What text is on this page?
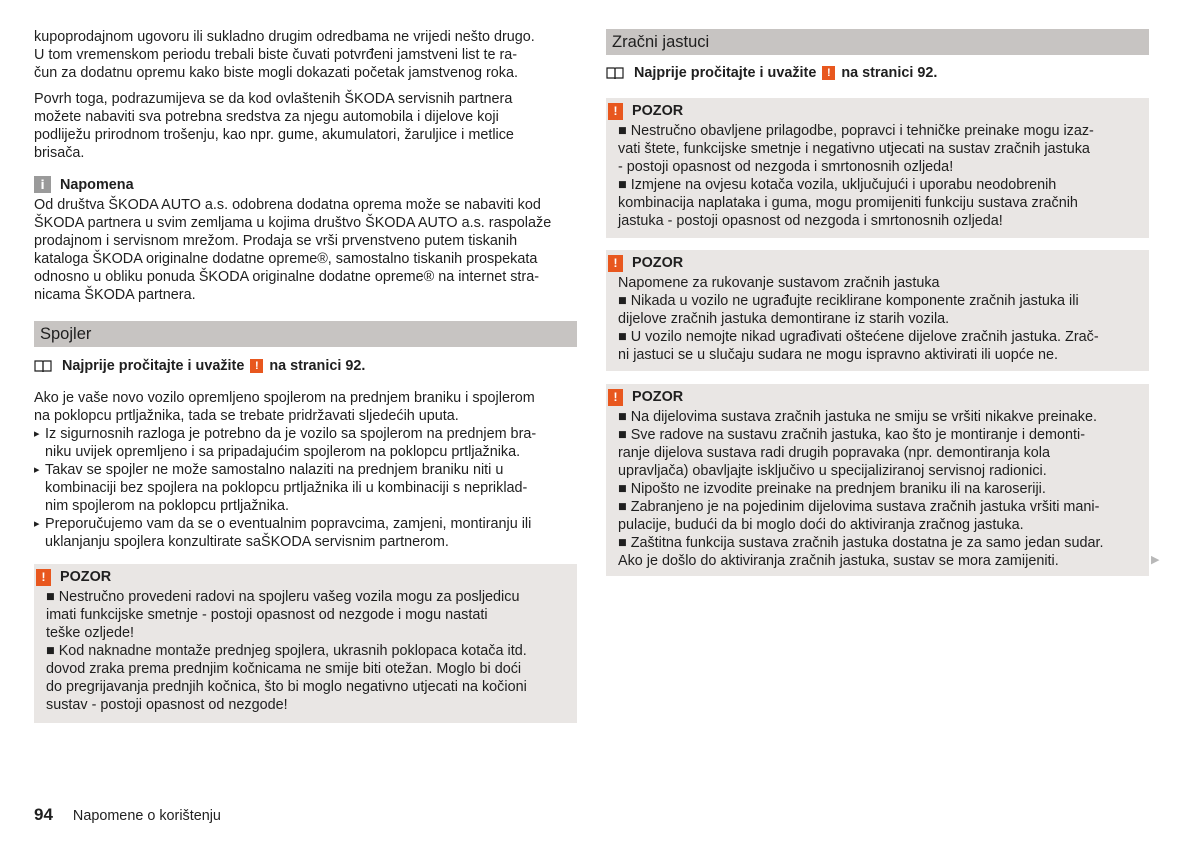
kupoprodajnom ugovoru ili sukladno drugim odredbama ne vrijedi nešto drugo.
U tom vremenskom periodu trebali biste čuvati potvrđeni jamstveni list te ra-
čun za dodatnu opremu kako biste mogli dokazati početak jamstvenog roka.

Povrh toga, podrazumijeva se da kod ovlaštenih ŠKODA servisnih partnera
možete nabaviti sva potrebna sredstva za njegu automobila i dijelove koji
podliježu prirodnom trošenju, kao npr. gume, akumulatori, žaruljice i metlice
brisača.

i	Napomena

Od društva ŠKODA AUTO a.s. odobrena dodatna oprema može se nabaviti kod
ŠKODA partnera u svim zemljama u kojima društvo ŠKODA AUTO a.s. raspolaže
prodajnom i servisnom mrežom. Prodaja se vrši prvenstveno putem tiskanih
kataloga ŠKODA originalne dodatne opreme®, samostalno tiskanih prospekata
odnosno u obliku ponuda ŠKODA originalne dodatne opreme® na internet stra-
nicama ŠKODA partnera.

Spojler
Najprije pročitajte i uvažite ! na stranici 92.

Ako je vaše novo vozilo opremljeno spojlerom na prednjem braniku i spojlerom
na poklopcu prtljažnika, tada se trebate pridržavati sljedećih uputa.

▸ Iz sigurnosnih razloga je potrebno da je vozilo sa spojlerom na prednjem bra-
niku uvijek opremljeno i sa pripadajućim spojlerom na poklopcu prtljažnika.
▸ Takav se spojler ne može samostalno nalaziti na prednjem braniku niti u
kombinaciji bez spojlera na poklopcu prtljažnika ili u kombinaciji s nepriklad-
nim spojlerom na poklopcu prtljažnika.
▸ Preporučujemo vam da se o eventualnim popravcima, zamjeni, montiranju ili
uklanjanju spojlera konzultirate saŠKODA servisnim partnerom.
!	POZOR

■ Nestručno provedeni radovi na spojleru vašeg vozila mogu za posljedicu
imati funkcijske smetnje - postoji opasnost od nezgode i mogu nastati
teške ozljede!
■ Kod naknadne montaže prednjeg spojlera, ukrasnih poklopaca kotača itd.
dovod zraka prema prednjim kočnicama ne smije biti otežan. Moglo bi doći
do pregrijavanja prednjih kočnica, što bi moglo negativno utjecati na kočioni
sustav - postoji opasnost od nezgode!

Zračni jastuci
Najprije pročitajte i uvažite ! na stranici 92.
!	POZOR

■ Nestručno obavljene prilagodbe, popravci i tehničke preinake mogu izaz-
vati štete, funkcijske smetnje i negativno utjecati na sustav zračnih jastuka
- postoji opasnost od nezgoda i smrtonosnih ozljeda!
■ Izmjene na ovjesu kotača vozila, uključujući i uporabu neodobrenih
kombinacija naplataka i guma, mogu promijeniti funkciju sustava zračnih
jastuka - postoji opasnost od nezgoda i smrtonosnih ozljeda!

!	POZOR

Napomene za rukovanje sustavom zračnih jastuka
■ Nikada u vozilo ne ugrađujte reciklirane komponente zračnih jastuka ili
dijelove zračnih jastuka demontirane iz starih vozila.
■ U vozilo nemojte nikad ugrađivati oštećene dijelove zračnih jastuka. Zrač-
ni jastuci se u slučaju sudara ne mogu ispravno aktivirati ili uopće ne.

!	POZOR

■ Na dijelovima sustava zračnih jastuka ne smiju se vršiti nikakve preinake.
■ Sve radove na sustavu zračnih jastuka, kao što je montiranje i demonti-
ranje dijelova sustava radi drugih popravaka (npr. demontiranja kola
upravljača) obavljajte isključivo u specijaliziranoj servisnoj radionici.
■ Nipošto ne izvodite preinake na prednjem braniku ili na karoseriji.
■ Zabranjeno je na pojedinim dijelovima sustava zračnih jastuka vršiti mani-
pulacije, budući da bi moglo doći do aktiviranja zračnog jastuka.
■ Zaštitna funkcija sustava zračnih jastuka dostatna je za samo jedan sudar.
Ako je došlo do aktiviranja zračnih jastuka, sustav se mora zamijeniti.	▶
94 Napomene o korištenju
